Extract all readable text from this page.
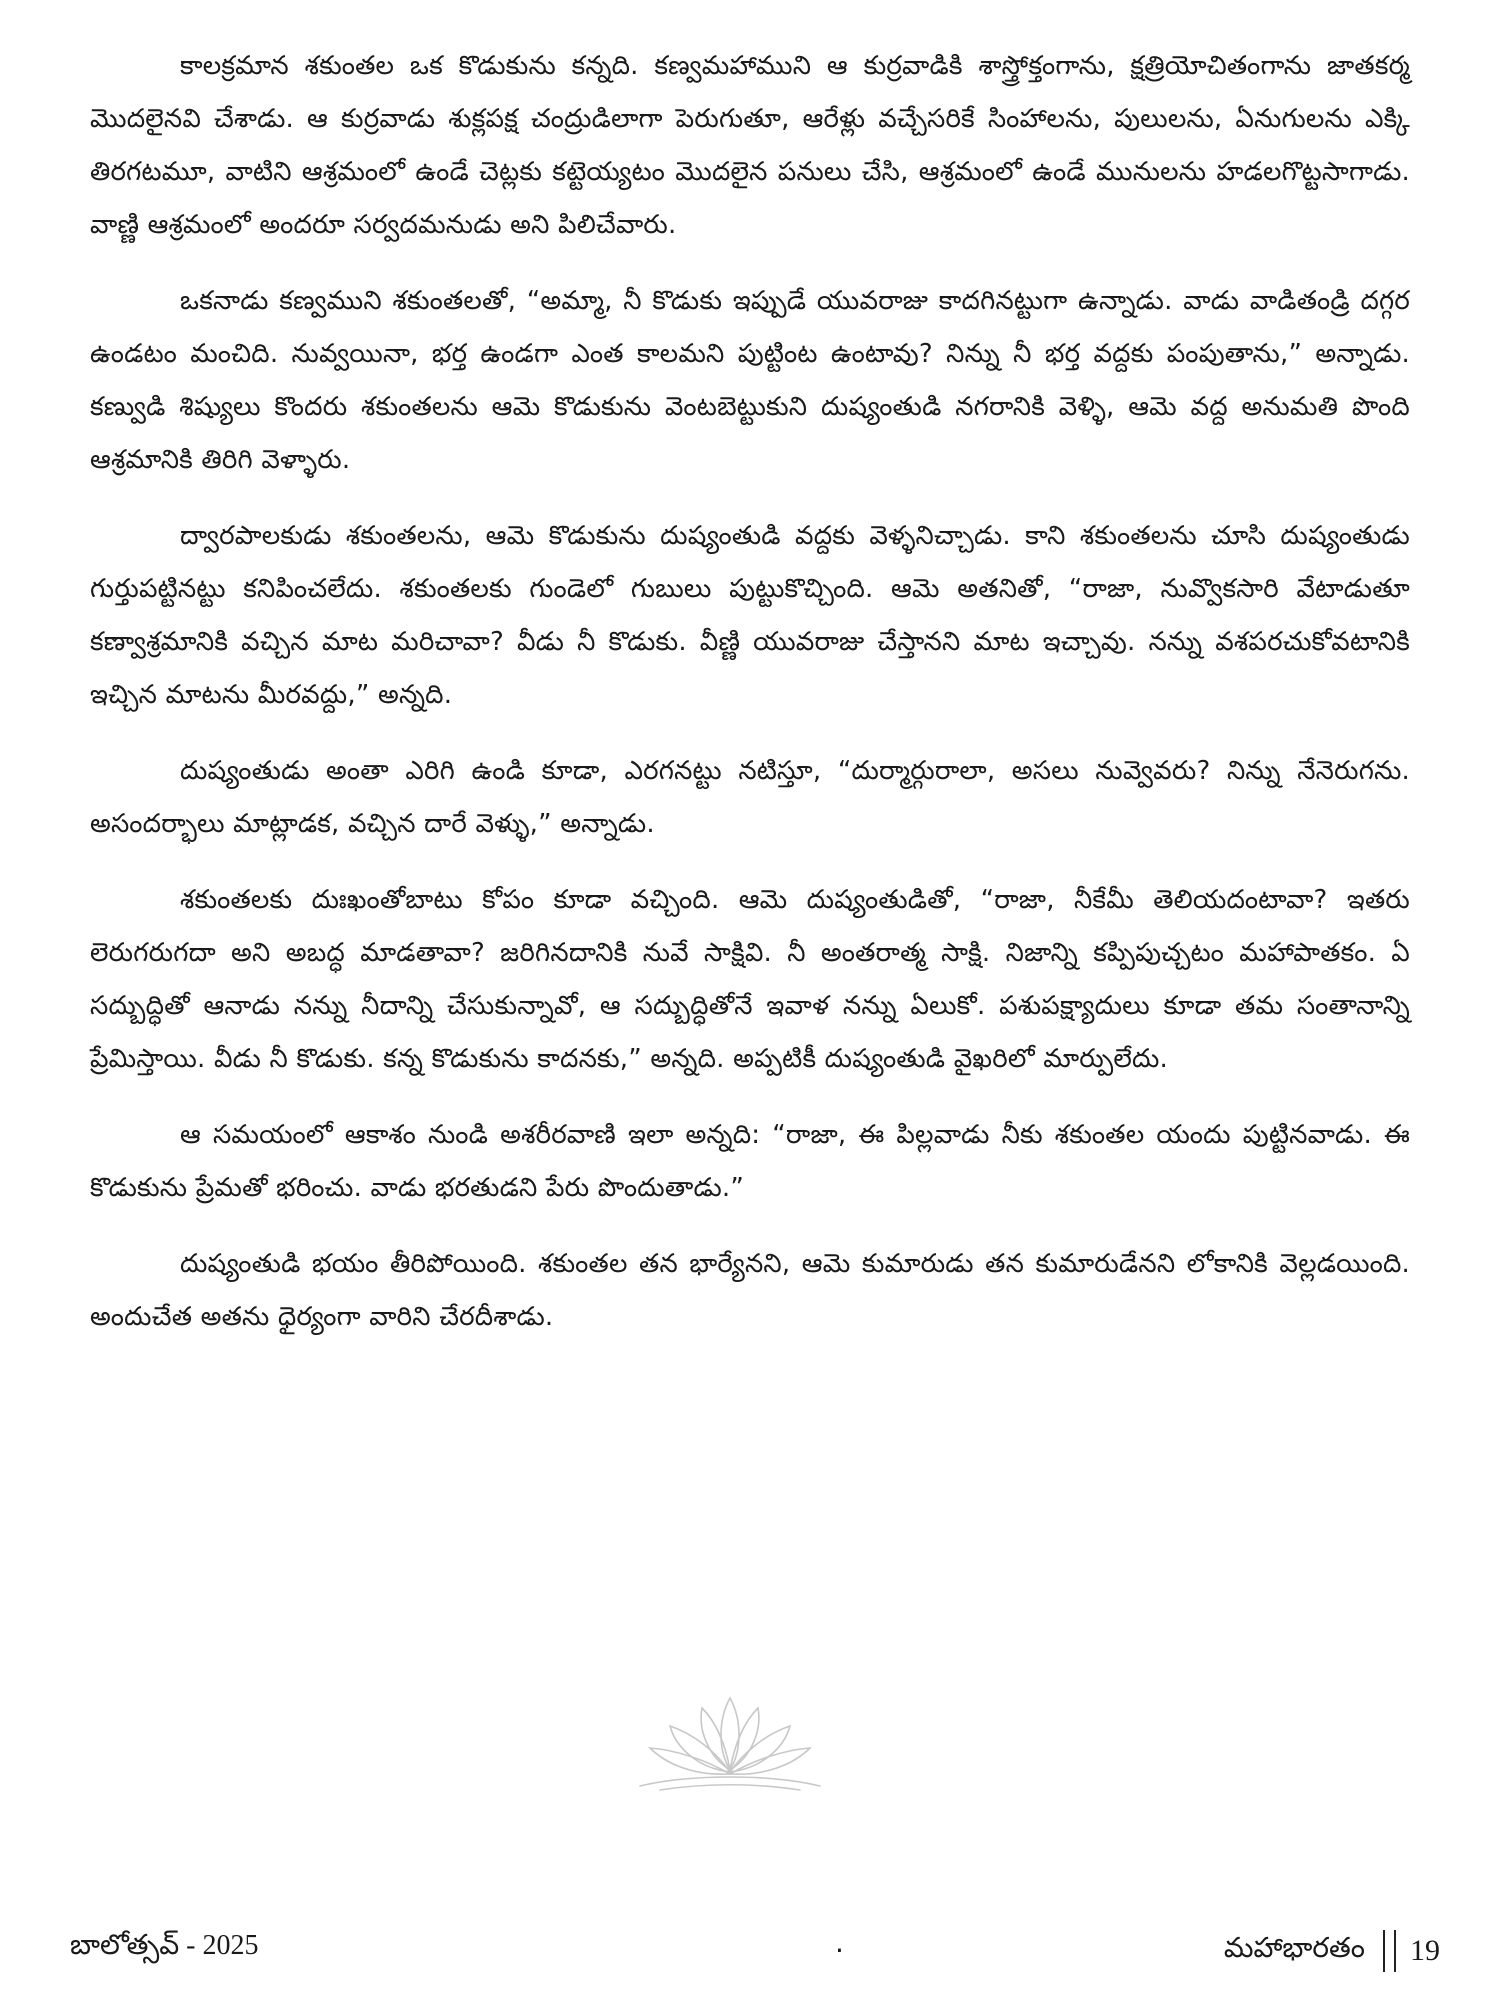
కాలక్రమాన శకుంతల ఒక కొడుకును కన్నది. కణ్వమహాముని ఆ కుర్రవాడికి శాస్త్రోక్తంగాను, క్షత్రియోచితంగాను జాతకర్మ మొదలైనవి చేశాడు. ఆ కుర్రవాడు శుక్లపక్ష చంద్రుడిలాగా పెరుగుతూ, ఆరేళ్లు వచ్చేసరికే సింహాలను, పులులను, ఏనుగులను ఎక్కి తిరగటమూ, వాటిని ఆశ్రమంలో ఉండే చెట్లకు కట్టెయ్యటం మొదలైన పనులు చేసి, ఆశ్రమంలో ఉండే మునులను హడలగొట్టసాగాడు. వాణ్ణి ఆశ్రమంలో అందరూ సర్వదమనుడు అని పిలిచేవారు.

ఒకనాడు కణ్వముని శకుంతలతో, “అమ్మా, నీ కొడుకు ఇప్పుడే యువరాజు కాదగినట్టుగా ఉన్నాడు. వాడు వాడితండ్రి దగ్గర ఉండటం మంచిది. నువ్వయినా, భర్త ఉండగా ఎంత కాలమని పుట్టింట ఉంటావు? నిన్ను నీ భర్త వద్దకు పంపుతాను,” అన్నాడు. కణ్వుడి శిష్యులు కొందరు శకుంతలను ఆమె కొడుకును వెంటబెట్టుకుని దుష్యంతుడి నగరానికి వెళ్ళి, ఆమె వద్ద అనుమతి పొంది ఆశ్రమానికి తిరిగి వెళ్ళారు.

ద్వారపాలకుడు శకుంతలను, ఆమె కొడుకును దుష్యంతుడి వద్దకు వెళ్ళనిచ్చాడు. కాని శకుంతలను చూసి దుష్యంతుడు గుర్తుపట్టినట్టు కనిపించలేదు. శకుంతలకు గుండెలో గుబులు పుట్టుకొచ్చింది. ఆమె అతనితో, “రాజా, నువ్వొకసారి వేటాడుతూ కణ్వాశ్రమానికి వచ్చిన మాట మరిచావా? వీడు నీ కొడుకు. వీణ్ణి యువరాజు చేస్తానని మాట ఇచ్చావు. నన్ను వశపరచుకోవటానికి ఇచ్చిన మాటను మీరవద్దు,” అన్నది.

దుష్యంతుడు అంతా ఎరిగి ఉండి కూడా, ఎరగనట్టు నటిస్తూ, “దుర్మార్గురాలా, అసలు నువ్వెవరు? నిన్ను నేనెరుగను. అసందర్భాలు మాట్లాడక, వచ్చిన దారే వెళ్ళు,” అన్నాడు.

శకుంతలకు దుఃఖంతోబాటు కోపం కూడా వచ్చింది. ఆమె దుష్యంతుడితో, “రాజా, నీకేమీ తెలియదంటావా? ఇతరు లెరుగరుగదా అని అబద్ధ మాడతావా? జరిగినదానికి నువే సాక్షివి. నీ అంతరాత్మ సాక్షి. నిజాన్ని కప్పిపుచ్చటం మహాపాతకం. ఏ సద్బుద్ధితో ఆనాడు నన్ను నీదాన్ని చేసుకున్నావో, ఆ సద్బుద్ధితోనే ఇవాళ నన్ను ఏలుకో. పశుపక్ష్యాదులు కూడా తమ సంతానాన్ని ప్రేమిస్తాయి. వీడు నీ కొడుకు. కన్న కొడుకును కాదనకు,” అన్నది. అప్పటికీ దుష్యంతుడి వైఖరిలో మార్పులేదు.

ఆ సమయంలో ఆకాశం నుండి అశరీరవాణి ఇలా అన్నది: “రాజా, ఈ పిల్లవాడు నీకు శకుంతల యందు పుట్టినవాడు. ఈ కొడుకును ప్రేమతో భరించు. వాడు భరతుడని పేరు పొందుతాడు.”

దుష్యంతుడి భయం తీరిపోయింది. శకుంతల తన భార్యేనని, ఆమె కుమారుడు తన కుమారుడేనని లోకానికి వెల్లడయింది. అందుచేత అతను ధైర్యంగా వారిని చేరదీశాడు.

బాలోత్సవ్ - 2025	.	మహాభారతం 19
